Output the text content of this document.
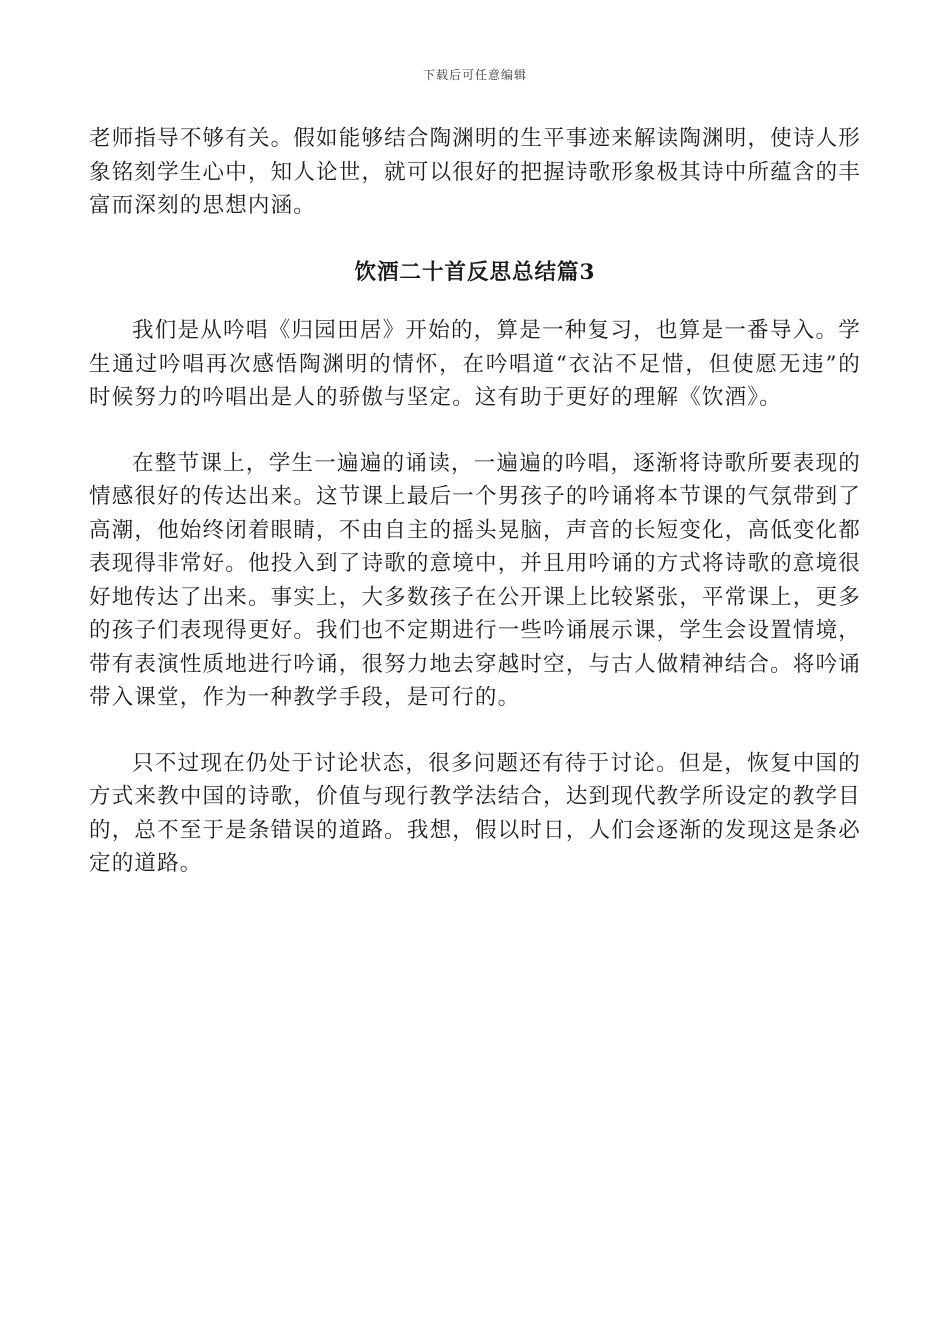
下载后可任意编辑

老师指导不够有关。假如能够结合陶渊明的生平事迹来解读陶渊明，使诗人形象铭刻学生心中，知人论世，就可以很好的把握诗歌形象极其诗中所蕴含的丰富而深刻的思想内涵。

饮酒二十首反思总结篇3

我们是从吟唱《归园田居》开始的，算是一种复习，也算是一番导入。学生通过吟唱再次感悟陶渊明的情怀，在吟唱道“衣沾不足惜，但使愿无违”的时候努力的吟唱出是人的骄傲与坚定。这有助于更好的理解《饮酒》。

在整节课上，学生一遍遍的诵读，一遍遍的吟唱，逐渐将诗歌所要表现的情感很好的传达出来。这节课上最后一个男孩子的吟诵将本节课的气氛带到了高潮，他始终闭着眼睛，不由自主的摇头晃脑，声音的长短变化，高低变化都表现得非常好。他投入到了诗歌的意境中，并且用吟诵的方式将诗歌的意境很好地传达了出来。事实上，大多数孩子在公开课上比较紧张，平常课上，更多的孩子们表现得更好。我们也不定期进行一些吟诵展示课，学生会设置情境，带有表演性质地进行吟诵，很努力地去穿越时空，与古人做精神结合。将吟诵带入课堂，作为一种教学手段，是可行的。

只不过现在仍处于讨论状态，很多问题还有待于讨论。但是，恢复中国的方式来教中国的诗歌，价值与现行教学法结合，达到现代教学所设定的教学目的，总不至于是条错误的道路。我想，假以时日，人们会逐渐的发现这是条必定的道路。
